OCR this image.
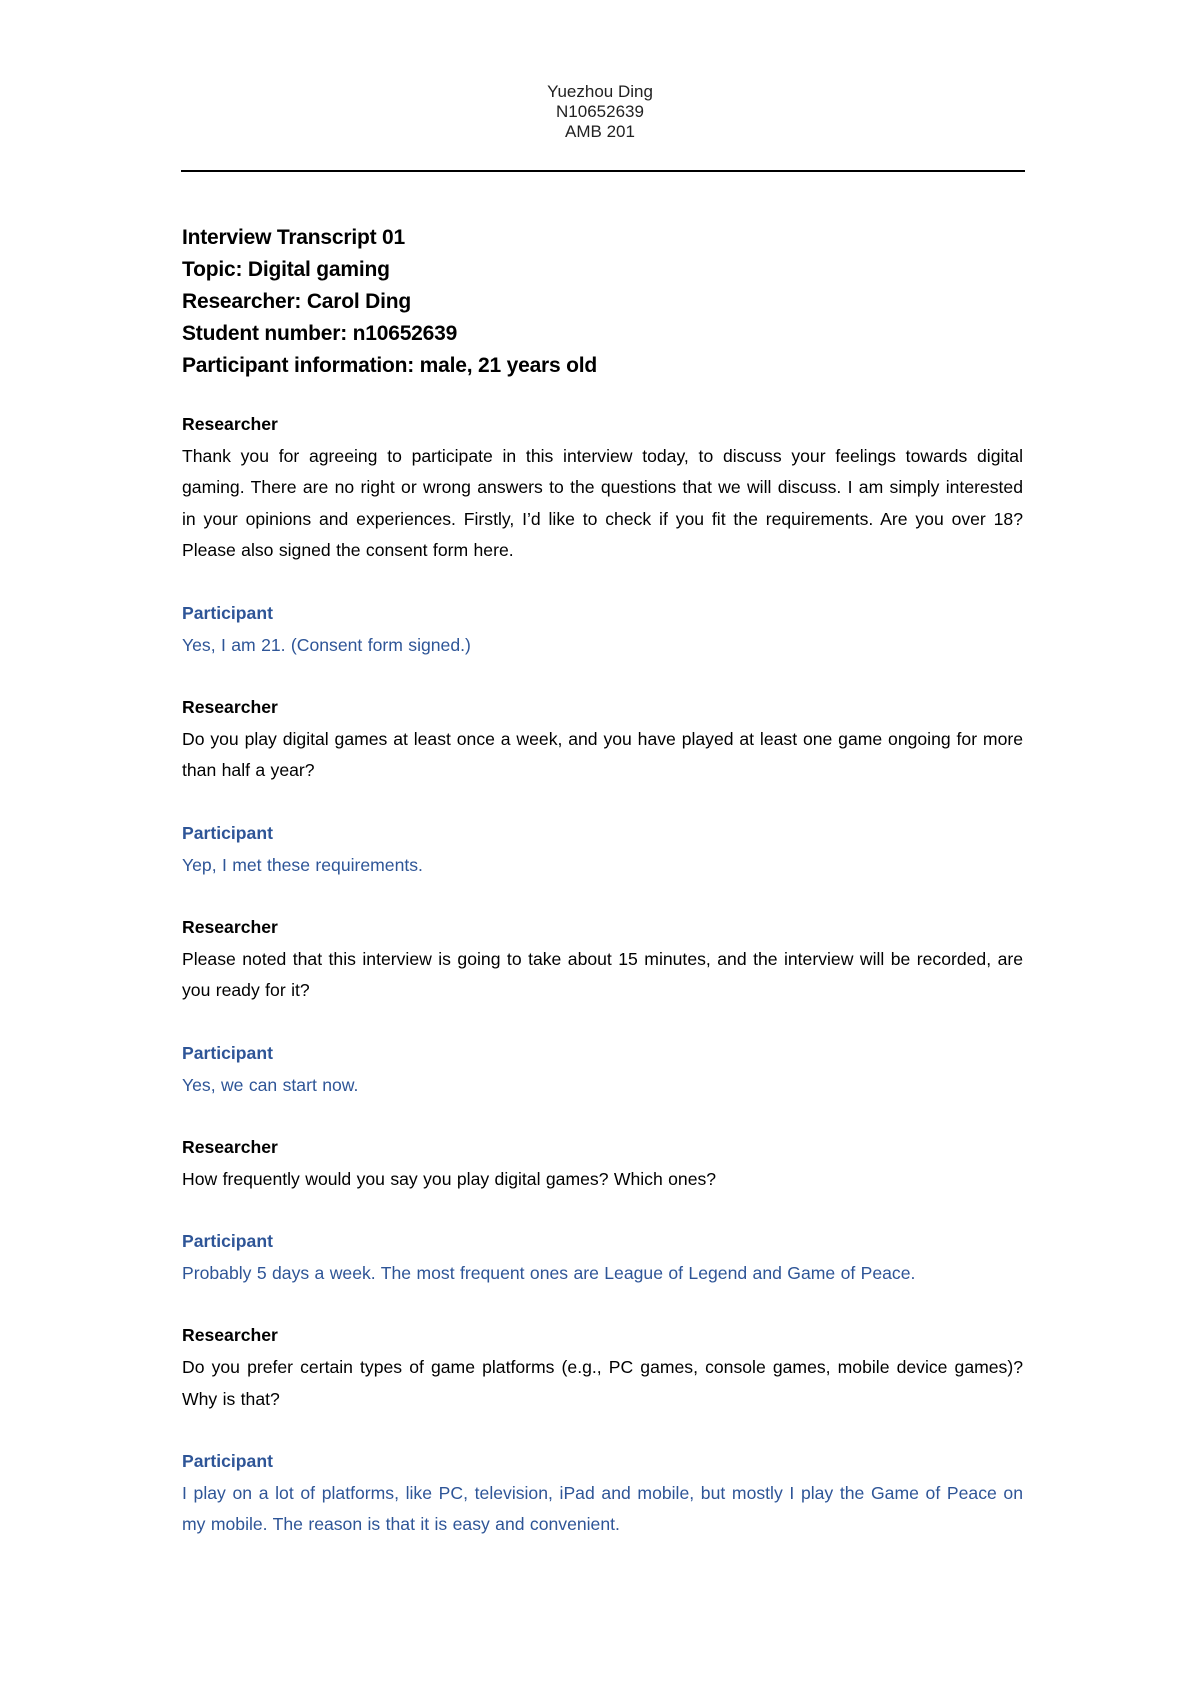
Yuezhou Ding
N10652639
AMB 201
Interview Transcript 01
Topic: Digital gaming
Researcher: Carol Ding
Student number: n10652639
Participant information: male, 21 years old
Researcher
Thank you for agreeing to participate in this interview today, to discuss your feelings towards digital gaming. There are no right or wrong answers to the questions that we will discuss. I am simply interested in your opinions and experiences. Firstly, I’d like to check if you fit the requirements. Are you over 18? Please also signed the consent form here.
Participant
Yes, I am 21. (Consent form signed.)
Researcher
Do you play digital games at least once a week, and you have played at least one game ongoing for more than half a year?
Participant
Yep, I met these requirements.
Researcher
Please noted that this interview is going to take about 15 minutes, and the interview will be recorded, are you ready for it?
Participant
Yes, we can start now.
Researcher
How frequently would you say you play digital games? Which ones?
Participant
Probably 5 days a week. The most frequent ones are League of Legend and Game of Peace.
Researcher
Do you prefer certain types of game platforms (e.g., PC games, console games, mobile device games)? Why is that?
Participant
I play on a lot of platforms, like PC, television, iPad and mobile, but mostly I play the Game of Peace on my mobile. The reason is that it is easy and convenient.
